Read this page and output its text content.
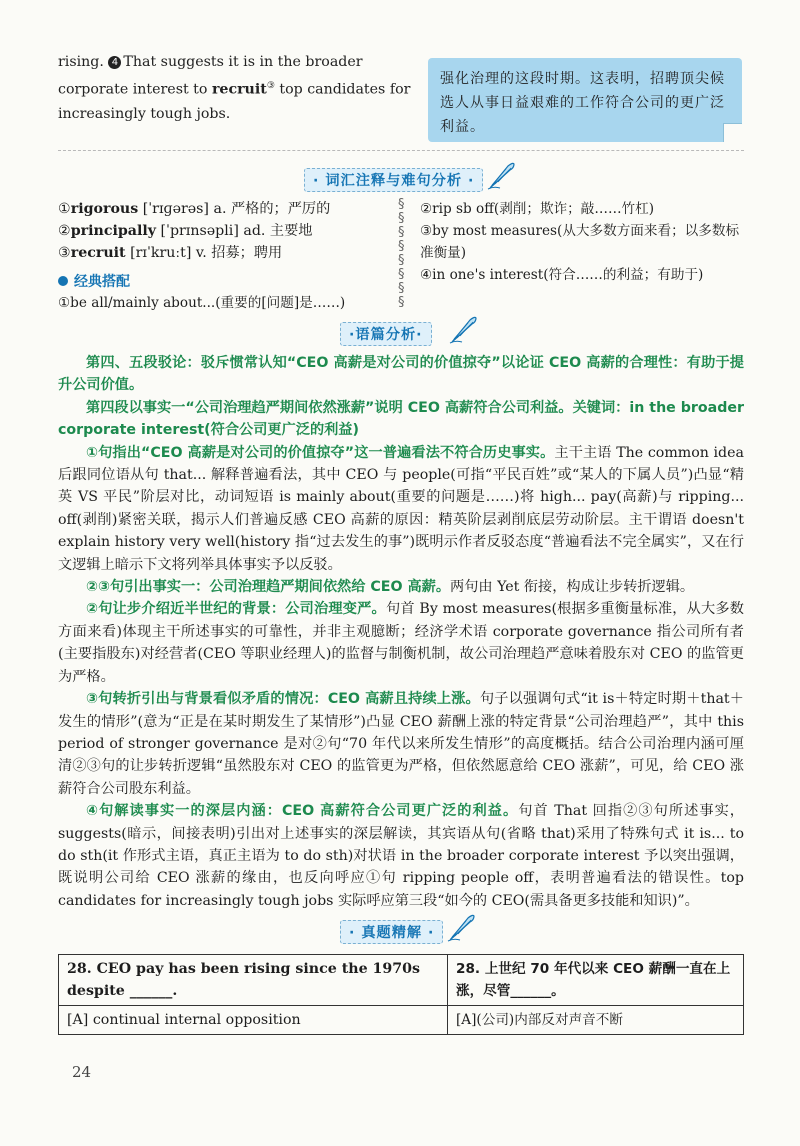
rising. 4 That suggests it is in the broader corporate interest to recruit③ top candidates for increasingly tough jobs.

强化治理的这段时期。这表明，招聘顶尖候选人从事日益艰难的工作符合公司的更广泛利益。

· 词汇注释与难句分析 ·
①rigorous [ˈrɪɡərəs] a. 严格的；严厉的
②principally [ˈprɪnsəpli] ad. 主要地
③recruit [rɪˈkruːt] v. 招募；聘用
§
§
§
§
§
§
§
§
②rip sb off(剥削；欺诈；敲……竹杠)
③by most measures(从大多数方面来看；以多数标准衡量)
④in one's interest(符合……的利益；有助于)
经典搭配
①be all/mainly about...(重要的[问题]是……)
·语篇分析·
第四、五段驳论：驳斥惯常认知“CEO 高薪是对公司的价值掠夺”以论证 CEO 高薪的合理性：有助于提升公司价值。
第四段以事实一“公司治理趋严期间依然涨薪”说明 CEO 高薪符合公司利益。关键词：in the broader corporate interest(符合公司更广泛的利益)
①句指出“CEO 高薪是对公司的价值掠夺”这一普遍看法不符合历史事实。主干主语 The common idea 后跟同位语从句 that... 解释普遍看法，其中 CEO 与 people(可指“平民百姓”或“某人的下属人员”)凸显“精英 VS 平民”阶层对比，动词短语 is mainly about(重要的问题是……)将 high... pay(高薪)与 ripping... off(剥削)紧密关联，揭示人们普遍反感 CEO 高薪的原因：精英阶层剥削底层劳动阶层。主干谓语 doesn't explain history very well(history 指“过去发生的事”)既明示作者反驳态度“普遍看法不完全属实”，又在行文逻辑上暗示下文将列举具体事实予以反驳。
②③句引出事实一：公司治理趋严期间依然给 CEO 高薪。两句由 Yet 衔接，构成让步转折逻辑。
②句让步介绍近半世纪的背景：公司治理变严。句首 By most measures(根据多重衡量标准，从大多数方面来看)体现主干所述事实的可靠性，并非主观臆断；经济学术语 corporate governance 指公司所有者(主要指股东)对经营者(CEO 等职业经理人)的监督与制衡机制，故公司治理趋严意味着股东对 CEO 的监管更为严格。
③句转折引出与背景看似矛盾的情况：CEO 高薪且持续上涨。句子以强调句式“it is＋特定时期＋that＋发生的情形”(意为“正是在某时期发生了某情形”)凸显 CEO 薪酬上涨的特定背景“公司治理趋严”，其中 this period of stronger governance 是对②句“70 年代以来所发生情形”的高度概括。结合公司治理内涵可厘清②③句的让步转折逻辑“虽然股东对 CEO 的监管更为严格，但依然愿意给 CEO 涨薪”，可见，给 CEO 涨薪符合公司股东利益。
④句解读事实一的深层内涵：CEO 高薪符合公司更广泛的利益。句首 That 回指②③句所述事实，suggests(暗示，间接表明)引出对上述事实的深层解读，其宾语从句(省略 that)采用了特殊句式 it is... to do sth(it 作形式主语，真正主语为 to do sth)对状语 in the broader corporate interest 予以突出强调，既说明公司给 CEO 涨薪的缘由，也反向呼应①句 ripping people off，表明普遍看法的错误性。top candidates for increasingly tough jobs 实际呼应第三段“如今的 CEO(需具备更多技能和知识)”。
· 真题精解 ·
28. CEO pay has been rising since the 1970s despite ______.	28. 上世纪 70 年代以来 CEO 薪酬一直在上涨，尽管______。
[A] continual internal opposition	[A](公司)内部反对声音不断
24
